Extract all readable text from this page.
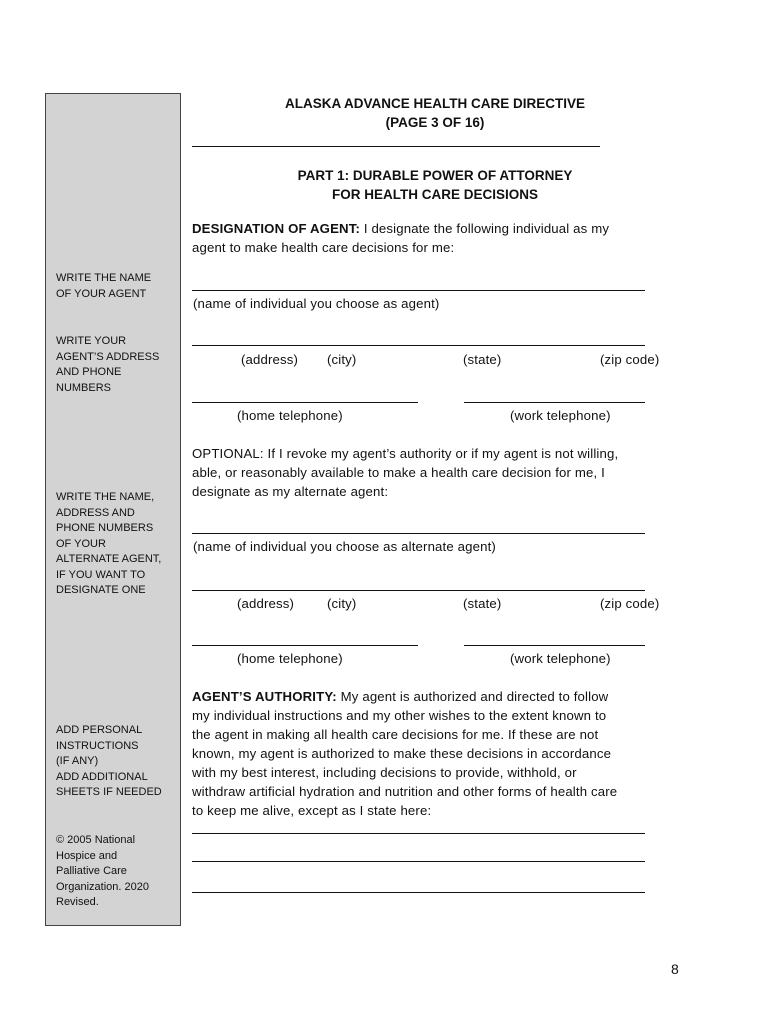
WRITE THE NAME
OF YOUR AGENT
WRITE YOUR
AGENT’S ADDRESS
AND PHONE
NUMBERS
WRITE THE NAME,
ADDRESS AND
PHONE NUMBERS
OF YOUR
ALTERNATE AGENT,
IF YOU WANT TO
DESIGNATE ONE
ADD PERSONAL
INSTRUCTIONS
(IF ANY)
ADD ADDITIONAL
SHEETS IF NEEDED
© 2005 National
Hospice and
Palliative Care
Organization. 2020
Revised.
ALASKA ADVANCE HEALTH CARE DIRECTIVE
(PAGE 3 OF 16)
PART 1: DURABLE POWER OF ATTORNEY
FOR HEALTH CARE DECISIONS
DESIGNATION OF AGENT: I designate the following individual as my
agent to make health care decisions for me:
(name of individual you choose as agent)
(address) (city)	(state)	(zip code)
(home telephone)	(work telephone)
OPTIONAL: If I revoke my agent’s authority or if my agent is not willing,
able, or reasonably available to make a health care decision for me, I
designate as my alternate agent:
(name of individual you choose as alternate agent)
(address) (city)	(state)	(zip code)
(home telephone)	(work telephone)
AGENT’S AUTHORITY: My agent is authorized and directed to follow
my individual instructions and my other wishes to the extent known to
the agent in making all health care decisions for me. If these are not
known, my agent is authorized to make these decisions in accordance
with my best interest, including decisions to provide, withhold, or
withdraw artificial hydration and nutrition and other forms of health care
to keep me alive, except as I state here:
8
